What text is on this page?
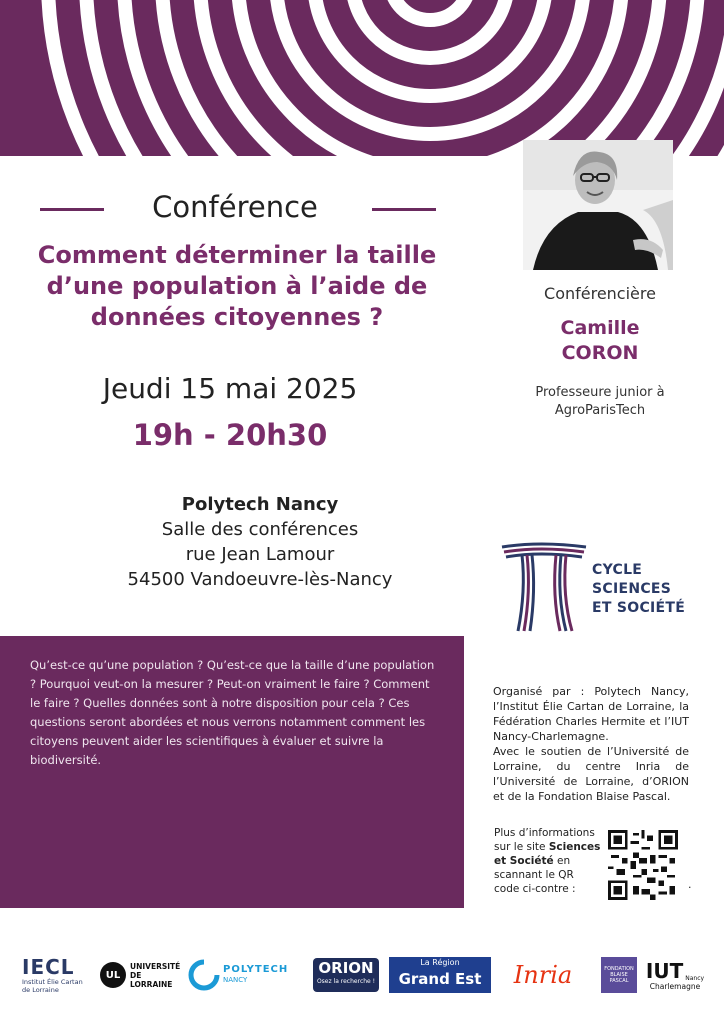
Conférence
Comment déterminer la taille d’une population à l’aide de données citoyennes ?
Jeudi 15 mai 2025
19h - 20h30
Polytech Nancy
Salle des conférences
rue Jean Lamour
54500 Vandoeuvre-lès-Nancy
Conférencière
Camille
CORON
Professeure junior à
AgroParisTech
CYCLE
SCIENCES
ET SOCIÉTÉ
Qu’est-ce qu’une population ? Qu’est-ce que la taille d’une population ? Pourquoi veut-on la mesurer ? Peut-on vraiment le faire ? Comment le faire ? Quelles données sont à notre disposition pour cela ? Ces questions seront abordées et nous verrons notamment comment les citoyens peuvent aider les scientifiques à évaluer et suivre la biodiversité.
Organisé par : Polytech Nancy, l’Institut Élie Cartan de Lorraine, la Fédération Charles Hermite et l’IUT Nancy-Charlemagne.
Avec le soutien de l’Université de Lorraine, du centre Inria de l’Université de Lorraine, d’ORION et de la Fondation Blaise Pascal.
Plus d’informations sur le site Sciences et Société en scannant le QR code ci-contre :	.
IECL
Institut Élie Cartan
de Lorraine
UL
UNIVERSITÉ
DE LORRAINE
POLYTECH
NANCY
ORION
Osez la recherche !
La Région
Grand Est	Inria	FONDATION
BLAISE
PASCAL IUT Nancy
Charlemagne
